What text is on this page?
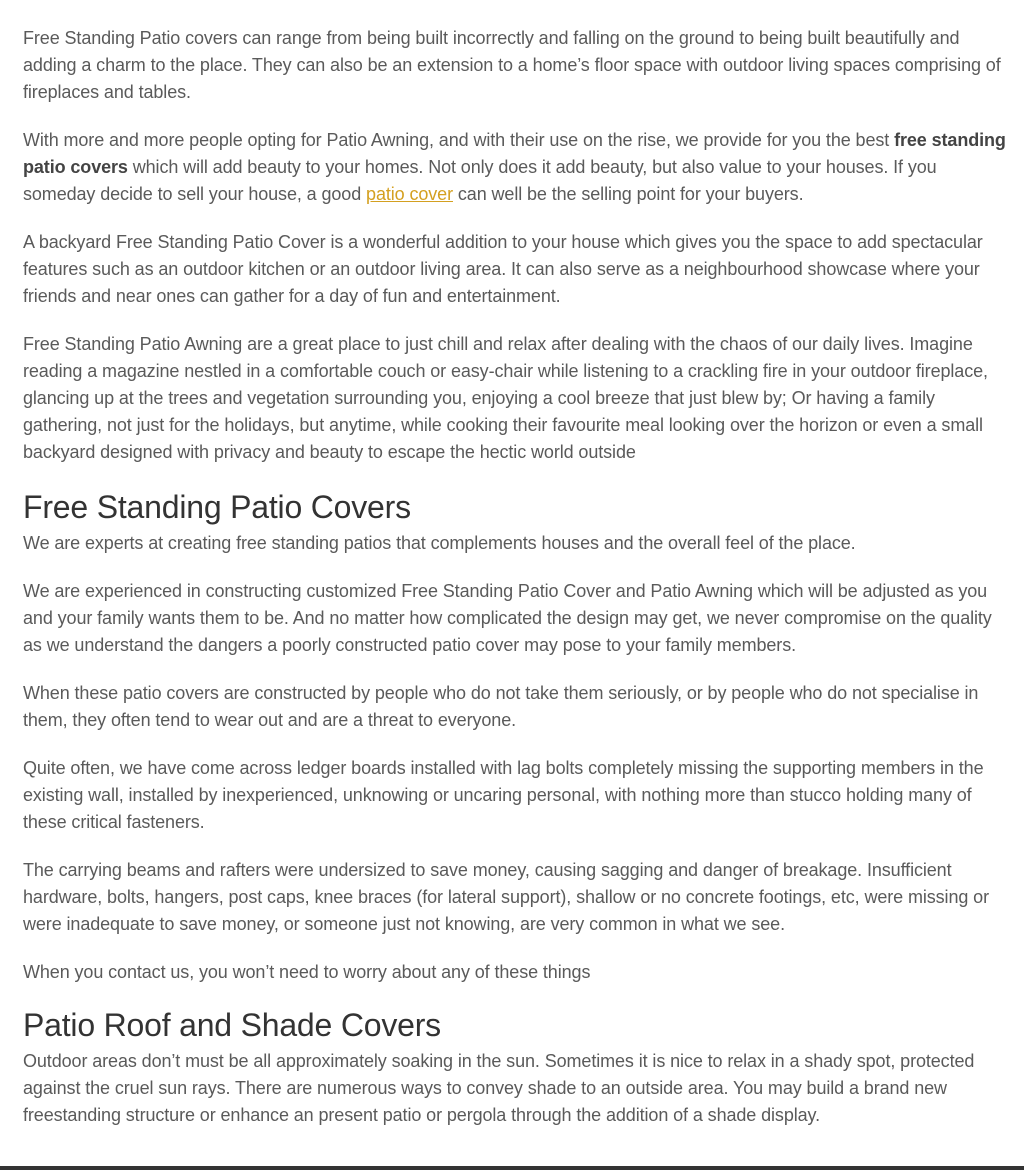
Free Standing Patio covers can range from being built incorrectly and falling on the ground to being built beautifully and adding a charm to the place. They can also be an extension to a home’s floor space with outdoor living spaces comprising of fireplaces and tables.

With more and more people opting for Patio Awning, and with their use on the rise, we provide for you the best free standing patio covers which will add beauty to your homes. Not only does it add beauty, but also value to your houses. If you someday decide to sell your house, a good patio cover can well be the selling point for your buyers.

A backyard Free Standing Patio Cover is a wonderful addition to your house which gives you the space to add spectacular features such as an outdoor kitchen or an outdoor living area. It can also serve as a neighbourhood showcase where your friends and near ones can gather for a day of fun and entertainment.

Free Standing Patio Awning are a great place to just chill and relax after dealing with the chaos of our daily lives. Imagine reading a magazine nestled in a comfortable couch or easy-chair while listening to a crackling fire in your outdoor fireplace, glancing up at the trees and vegetation surrounding you, enjoying a cool breeze that just blew by; Or having a family gathering, not just for the holidays, but anytime, while cooking their favourite meal looking over the horizon or even a small backyard designed with privacy and beauty to escape the hectic world outside

Free Standing Patio Covers

We are experts at creating free standing patios that complements houses and the overall feel of the place.

We are experienced in constructing customized Free Standing Patio Cover and Patio Awning which will be adjusted as you and your family wants them to be. And no matter how complicated the design may get, we never compromise on the quality as we understand the dangers a poorly constructed patio cover may pose to your family members.

When these patio covers are constructed by people who do not take them seriously, or by people who do not specialise in them, they often tend to wear out and are a threat to everyone.

Quite often, we have come across ledger boards installed with lag bolts completely missing the supporting members in the existing wall, installed by inexperienced, unknowing or uncaring personal, with nothing more than stucco holding many of these critical fasteners.

The carrying beams and rafters were undersized to save money, causing sagging and danger of breakage. Insufficient hardware, bolts, hangers, post caps, knee braces (for lateral support), shallow or no concrete footings, etc, were missing or were inadequate to save money, or someone just not knowing, are very common in what we see.

When you contact us, you won’t need to worry about any of these things

Patio Roof and Shade Covers

Outdoor areas don’t must be all approximately soaking in the sun. Sometimes it is nice to relax in a shady spot, protected against the cruel sun rays. There are numerous ways to convey shade to an outside area. You may build a brand new freestanding structure or enhance an present patio or pergola through the addition of a shade display.
